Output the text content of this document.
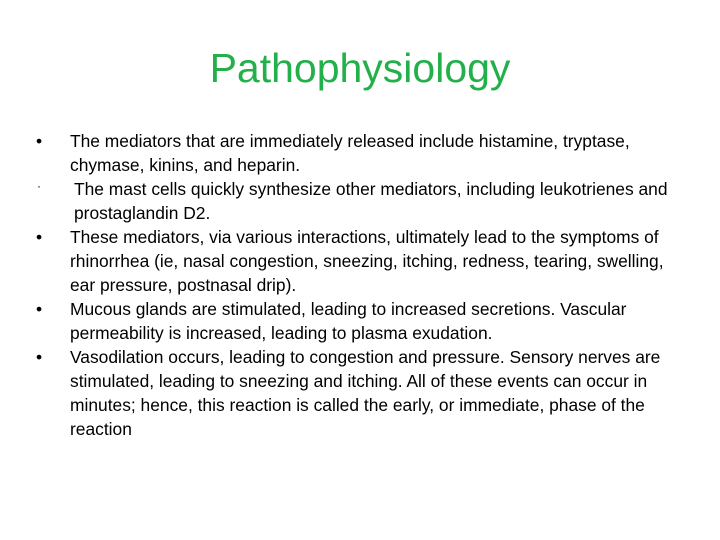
Pathophysiology
• The mediators that are immediately released include histamine, tryptase, chymase, kinins, and heparin.
·	The mast cells quickly synthesize other mediators, including leukotrienes and prostaglandin D2.
• These mediators, via various interactions, ultimately lead to the symptoms of rhinorrhea (ie, nasal congestion, sneezing, itching, redness, tearing, swelling, ear pressure, postnasal drip).
• Mucous glands are stimulated, leading to increased secretions. Vascular permeability is increased, leading to plasma exudation.
• Vasodilation occurs, leading to congestion and pressure. Sensory nerves are stimulated, leading to sneezing and itching. All of these events can occur in minutes; hence, this reaction is called the early, or immediate, phase of the reaction
